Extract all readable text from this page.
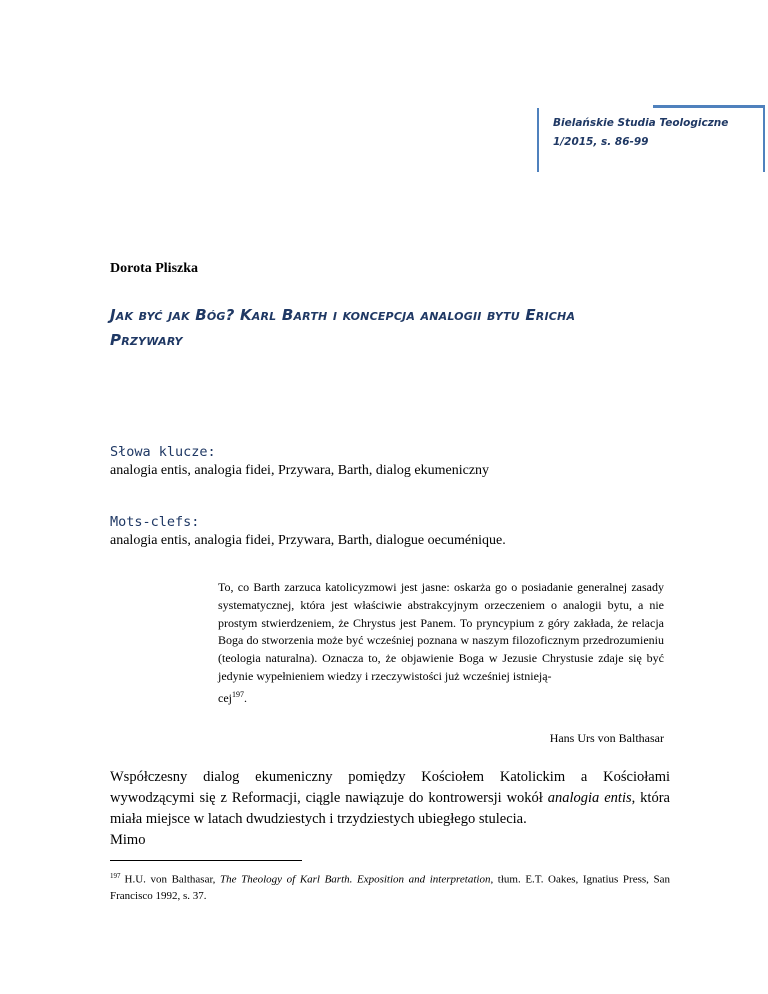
Bielańskie Studia Teologiczne
1/2015, s. 86-99
Dorota Pliszka
Jak być jak Bóg? Karl Barth i koncepcja analogii bytu Ericha
Przywary
Słowa klucze:
analogia entis, analogia fidei, Przywara, Barth, dialog ekumeniczny
Mots-clefs:
analogia entis, analogia fidei, Przywara, Barth, dialogue oecuménique.
To, co Barth zarzuca katolicyzmowi jest jasne: oskarża go o posiadanie generalnej zasady systematycznej, która jest właściwie abstrakcyjnym orzeczeniem o analogii bytu, a nie prostym stwierdzeniem, że Chrystus jest Panem. To pryncypium z góry zakłada, że relacja Boga do stworzenia może być wcześniej poznana w naszym filozoficznym przedrozumieniu (teologia naturalna). Oznacza to, że objawienie Boga w Jezusie Chrystusie zdaje się być jedynie wypełnieniem wiedzy i rzeczywistości już wcześniej istnieją-
cej$^{197}$.
Hans Urs von Balthasar
Współczesny dialog ekumeniczny pomiędzy Kościołem Katolickim a Kościołami wywodzącymi się z Reformacji, ciągle nawiązuje do kontrowersji wokół analogia entis, która miała miejsce w latach dwudziestych i trzydziestych ubiegłego stulecia.
Mimo
$^{197}$ H.U. von Balthasar, The Theology of Karl Barth. Exposition and interpretation, tłum. E.T. Oakes, Ignatius Press, San Francisco 1992, s. 37.
